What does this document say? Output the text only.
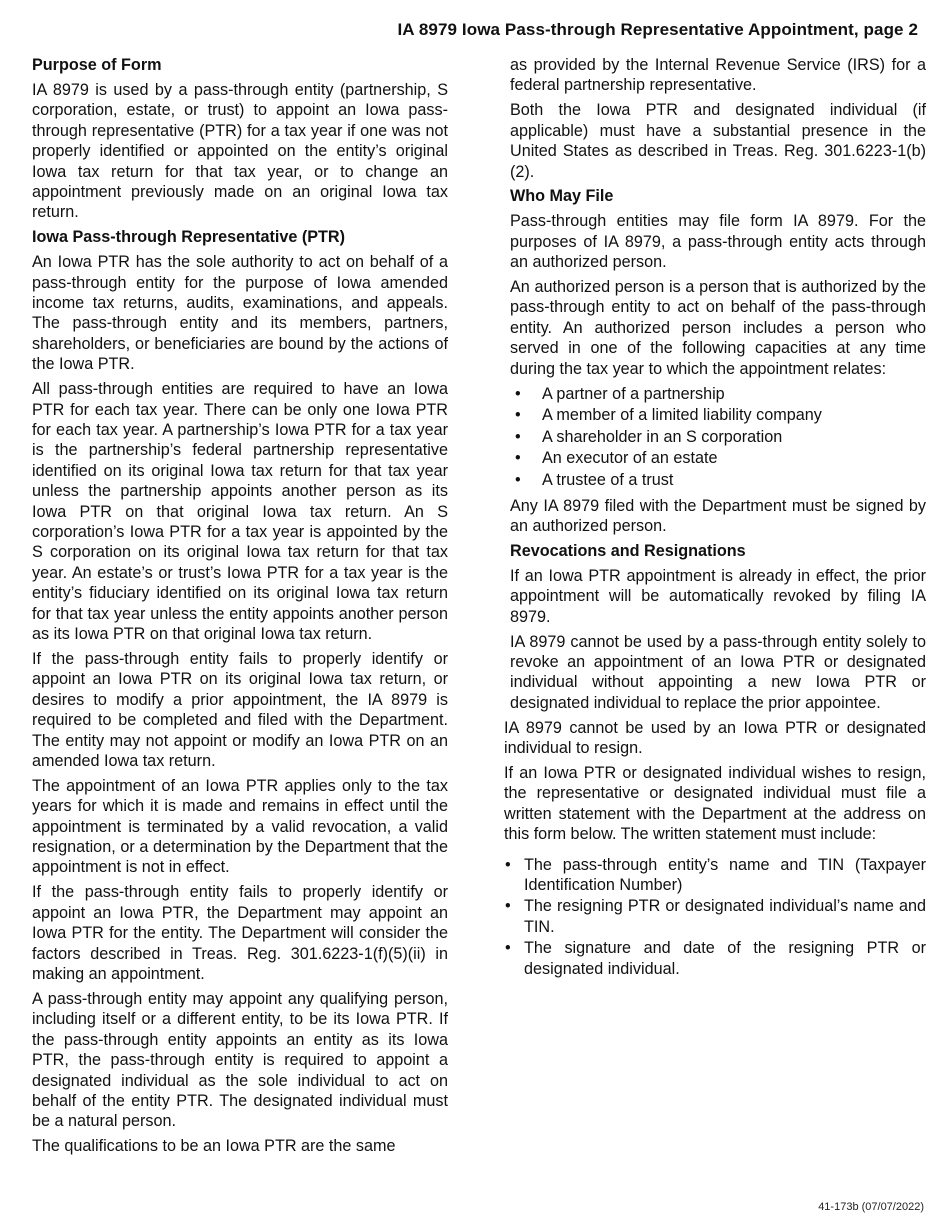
IA 8979 Iowa Pass-through Representative Appointment, page 2
Purpose of Form

IA 8979 is used by a pass-through entity (partnership, S corporation, estate, or trust) to appoint an Iowa pass-through representative (PTR) for a tax year if one was not properly identified or appointed on the entity’s original Iowa tax return for that tax year, or to change an appointment previously made on an original Iowa tax return.

Iowa Pass-through Representative (PTR)

An Iowa PTR has the sole authority to act on behalf of a pass-through entity for the purpose of Iowa amended income tax returns, audits, examinations, and appeals. The pass-through entity and its members, partners, shareholders, or beneficiaries are bound by the actions of the Iowa PTR.

All pass-through entities are required to have an Iowa PTR for each tax year. There can be only one Iowa PTR for each tax year. A partnership’s Iowa PTR for a tax year is the partnership’s federal partnership representative identified on its original Iowa tax return for that tax year unless the partnership appoints another person as its Iowa PTR on that original Iowa tax return. An S corporation’s Iowa PTR for a tax year is appointed by the S corporation on its original Iowa tax return for that tax year. An estate’s or trust’s Iowa PTR for a tax year is the entity’s fiduciary identified on its original Iowa tax return for that tax year unless the entity appoints another person as its Iowa PTR on that original Iowa tax return.

If the pass-through entity fails to properly identify or appoint an Iowa PTR on its original Iowa tax return, or desires to modify a prior appointment, the IA 8979 is required to be completed and filed with the Department. The entity may not appoint or modify an Iowa PTR on an amended Iowa tax return.

The appointment of an Iowa PTR applies only to the tax years for which it is made and remains in effect until the appointment is terminated by a valid revocation, a valid resignation, or a determination by the Department that the appointment is not in effect.

If the pass-through entity fails to properly identify or appoint an Iowa PTR, the Department may appoint an Iowa PTR for the entity. The Department will consider the factors described in Treas. Reg. 301.6223-1(f)(5)(ii) in making an appointment.

A pass-through entity may appoint any qualifying person, including itself or a different entity, to be its Iowa PTR. If the pass-through entity appoints an entity as its Iowa PTR, the pass-through entity is required to appoint a designated individual as the sole individual to act on behalf of the entity PTR. The designated individual must be a natural person.

The qualifications to be an Iowa PTR are the same

as provided by the Internal Revenue Service (IRS) for a federal partnership representative.

Both the Iowa PTR and designated individual (if applicable) must have a substantial presence in the United States as described in Treas. Reg. 301.6223-1(b)(2).

Who May File

Pass-through entities may file form IA 8979. For the purposes of IA 8979, a pass-through entity acts through an authorized person.

An authorized person is a person that is authorized by the pass-through entity to act on behalf of the pass-through entity. An authorized person includes a person who served in one of the following capacities at any time during the tax year to which the appointment relates:

• A partner of a partnership
• A member of a limited liability company
• A shareholder in an S corporation
• An executor of an estate
• A trustee of a trust

Any IA 8979 filed with the Department must be signed by an authorized person.

Revocations and Resignations

If an Iowa PTR appointment is already in effect, the prior appointment will be automatically revoked by filing IA 8979.

IA 8979 cannot be used by a pass-through entity solely to revoke an appointment of an Iowa PTR or designated individual without appointing a new Iowa PTR or designated individual to replace the prior appointee.

IA 8979 cannot be used by an Iowa PTR or designated individual to resign.

If an Iowa PTR or designated individual wishes to resign, the representative or designated individual must file a written statement with the Department at the address on this form below. The written statement must include:

• The pass-through entity’s name and TIN (Taxpayer Identification Number)
• The resigning PTR or designated individual’s name and TIN.
• The signature and date of the resigning PTR or designated individual.
41-173b (07/07/2022)
